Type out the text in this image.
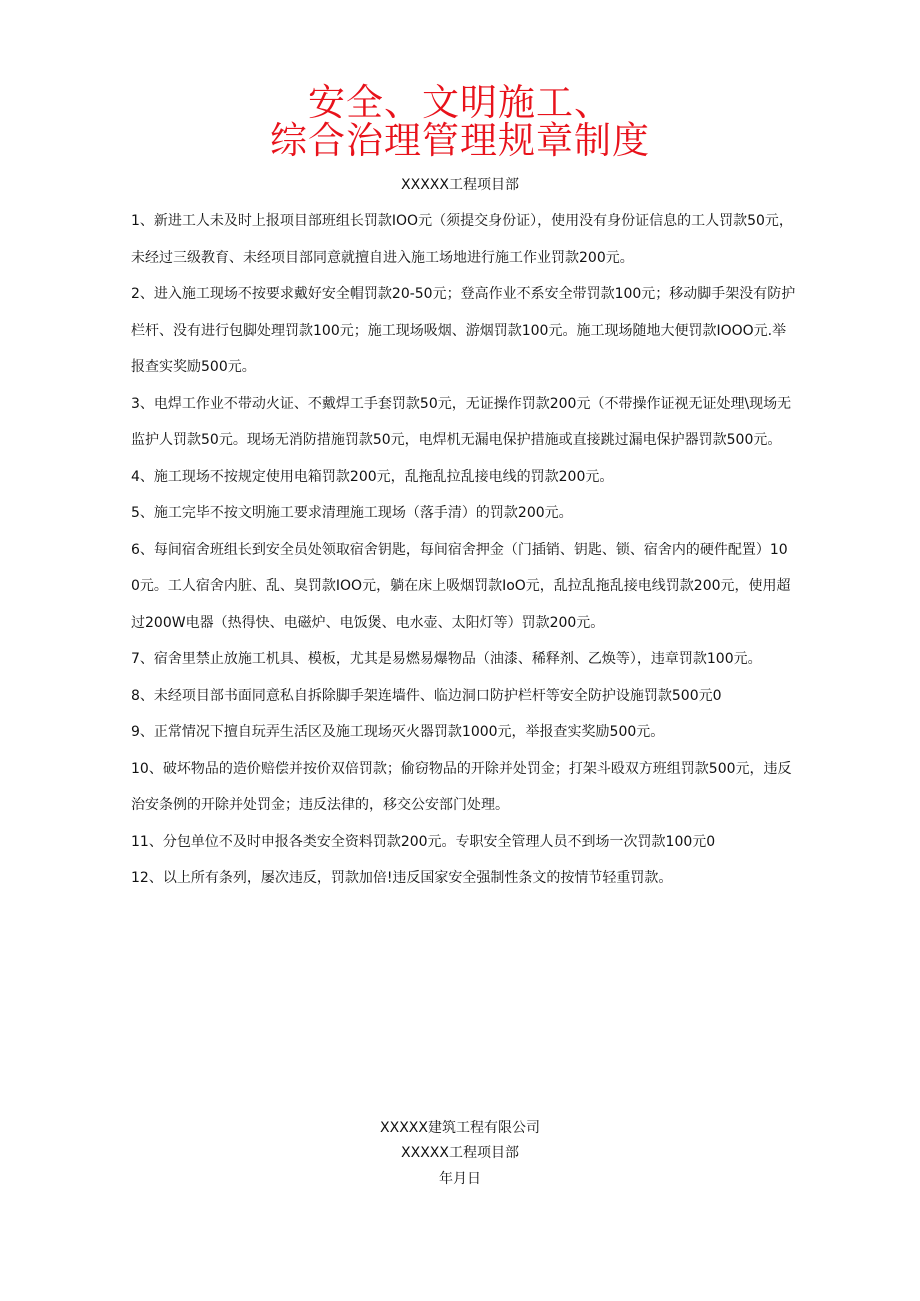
安全、文明施工、
综合治理管理规章制度
XXXXX工程项目部

1、新进工人未及时上报项目部班组长罚款IOO元（须提交身份证），使用没有身份证信息的工人罚款50元，未经过三级教育、未经项目部同意就擅自进入施工场地进行施工作业罚款200元。

2、进入施工现场不按要求戴好安全帽罚款20-50元；登高作业不系安全带罚款100元；移动脚手架没有防护栏杆、没有进行包脚处理罚款100元；施工现场吸烟、游烟罚款100元。施工现场随地大便罚款IOOO元.举报查实奖励500元。

3、电焊工作业不带动火证、不戴焊工手套罚款50元，无证操作罚款200元（不带操作证视无证处理\现场无监护人罚款50元。现场无消防措施罚款50元，电焊机无漏电保护措施或直接跳过漏电保护器罚款500元。

4、施工现场不按规定使用电箱罚款200元，乱拖乱拉乱接电线的罚款200元。

5、施工完毕不按文明施工要求清理施工现场（落手清）的罚款200元。

6、每间宿舍班组长到安全员处领取宿舍钥匙，每间宿舍押金（门插销、钥匙、锁、宿舍内的硬件配置）100元。工人宿舍内脏、乱、臭罚款IOO元，躺在床上吸烟罚款IoO元，乱拉乱拖乱接电线罚款200元，使用超过200W电器（热得快、电磁炉、电饭煲、电水壶、太阳灯等）罚款200元。

7、宿舍里禁止放施工机具、模板，尤其是易燃易爆物品（油漆、稀释剂、乙焕等），违章罚款100元。

8、未经项目部书面同意私自拆除脚手架连墙件、临边洞口防护栏杆等安全防护设施罚款500元0

9、正常情况下擅自玩弄生活区及施工现场灭火器罚款1000元，举报查实奖励500元。

10、破坏物品的造价赔偿并按价双倍罚款；偷窃物品的开除并处罚金；打架斗殴双方班组罚款500元，违反治安条例的开除并处罚金；违反法律的，移交公安部门处理。

11、分包单位不及时申报各类安全资料罚款200元。专职安全管理人员不到场一次罚款100元0

12、以上所有条列，屡次违反，罚款加倍!违反国家安全强制性条文的按情节轻重罚款。

XXXXX建筑工程有限公司
XXXXX工程项目部
年月日
